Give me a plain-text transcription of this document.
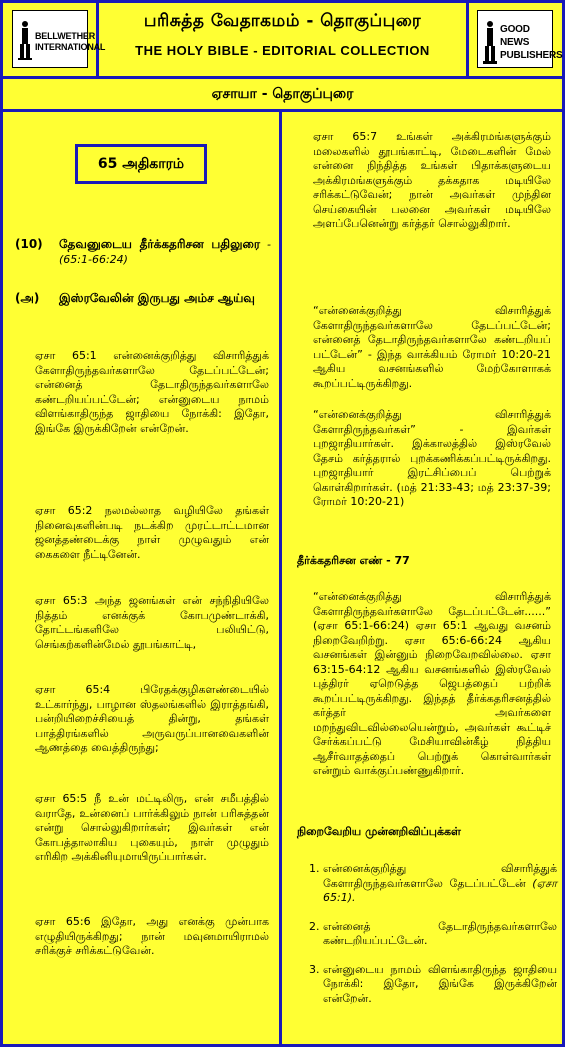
BELLWETHER INTERNATIONAL
பரிசுத்த வேதாகமம் - தொகுப்புரை
THE HOLY BIBLE - EDITORIAL COLLECTION
GOOD NEWS PUBLISHERS
ஏசாயா - தொகுப்புரை
65 அதிகாரம்
(10) தேவனுடைய தீர்க்கதரிசன பதிலுரை - (65:1-66:24)
(அ) இஸ்ரவேலின் இருபது அம்ச ஆய்வு
ஏசா 65:1 என்னைக்குறித்து விசாரித்துக் கேளாதிருந்தவர்களாலே தேடப்பட்டேன்; என்னைத் தேடாதிருந்தவர்களாலே கண்டறியப்பட்டேன்; என்னுடைய நாமம் விளங்காதிருந்த ஜாதியை நோக்கி: இதோ, இங்கே இருக்கிறேன் என்றேன்.
ஏசா 65:2 நலமல்லாத வழியிலே தங்கள் நினைவுகளின்படி நடக்கிற முரட்டாட்டமான ஜனத்தண்டைக்கு நாள் முழுவதும் என் கைகளை நீட்டினேன்.
ஏசா 65:3 அந்த ஜனங்கள் என் சந்நிதியிலே நித்தம் எனக்குக் கோபமுண்டாக்கி, தோட்டங்களிலே பலியிட்டு, செங்கற்களின்மேல் தூபங்காட்டி,
ஏசா 65:4 பிரேதக்குழிகளண்டையில் உட்கார்ந்து, பாழான ஸ்தலங்களில் இராத்தங்கி, பன்றியிறைச்சியைத் தின்று, தங்கள் பாத்திரங்களில் அருவருப்பானவைகளின் ஆணத்தை வைத்திருந்து;
ஏசா 65:5 நீ உன் மட்டிலிரு, என் சமீபத்தில் வராதே, உன்னைப் பார்க்கிலும் நான் பரிசுத்தன் என்று சொல்லுகிறார்கள்; இவர்கள் என் கோபத்தாலாகிய புகையும், நாள் முழுதும் எரிகிற அக்கினியுமாயிருப்பார்கள்.
ஏசா 65:6 இதோ, அது எனக்கு முன்பாக எழுதியிருக்கிறது; நான் மவுனமாயிராமல் சரிக்குச் சரிக்கட்டுவேன்.
ஏசா 65:7 உங்கள் அக்கிரமங்களுக்கும் மலைகளில் தூபங்காட்டி, மேடைகளின் மேல் என்னை நிந்தித்த உங்கள் பிதாக்களுடைய அக்கிரமங்களுக்கும் தக்கதாக மடியிலே சரிக்கட்டுவேன்; நான் அவர்கள் முந்தின செய்கையின் பலனை அவர்கள் மடியிலே அளப்பேனென்று கர்த்தர் சொல்லுகிறார்.
“என்னைக்குறித்து விசாரித்துக் கேளாதிருந்தவர்களாலே தேடப்பட்டேன்; என்னைத் தேடாதிருந்தவர்களாலே கண்டறியப் பட்டேன்” - இந்த வாக்கியம் ரோமர் 10:20-21 ஆகிய வசனங்களில் மேற்கோளாகக் கூறப்பட்டிருக்கிறது.
“என்னைக்குறித்து விசாரித்துக் கேளாதிருந்தவர்கள்” - இவர்கள் புறஜாதியார்கள். இக்காலத்தில் இஸ்ரவேல் தேசம் கர்த்தரால் புறக்கணிக்கப்பட்டிருக்கிறது. புறஜாதியார் இரட்சிப்பைப் பெற்றுக் கொள்கிறார்கள். (மத் 21:33-43; மத் 23:37-39; ரோமர் 10:20-21)
தீர்க்கதரிசன எண் - 77
“என்னைக்குறித்து விசாரித்துக் கேளாதிருந்தவர்களாலே தேடப்பட்டேன்......” (ஏசா 65:1-66:24) ஏசா 65:1 ஆவது வசனம் நிறைவேறிற்று. ஏசா 65:6-66:24 ஆகிய வசனங்கள் இன்னும் நிறைவேறவில்லை. ஏசா 63:15-64:12 ஆகிய வசனங்களில் இஸ்ரவேல் புத்திரர் ஏறெடுத்த ஜெபத்தைப் பற்றிக் கூறப்பட்டிருக்கிறது. இந்தத் தீர்க்கதரிசனத்தில் கர்த்தர் அவர்களை மறந்துவிடவில்லையென்றும், அவர்கள் கூட்டிச் சேர்க்கப்பட்டு மேசியாவின்கீழ் நித்திய ஆசீர்வாதத்தைப் பெற்றுக் கொள்வார்கள் என்றும் வாக்குப்பண்ணுகிறார்.
நிறைவேறிய முன்னறிவிப்புக்கள்
1. என்னைக்குறித்து விசாரித்துக் கேளாதிருந்தவர்களாலே தேடப்பட்டேன் (ஏசா 65:1).
2. என்னைத் தேடாதிருந்தவர்களாலே கண்டறியப்பட்டேன்.
3. என்னுடைய நாமம் விளங்காதிருந்த ஜாதியை நோக்கி: இதோ, இங்கே இருக்கிறேன் என்றேன்.
